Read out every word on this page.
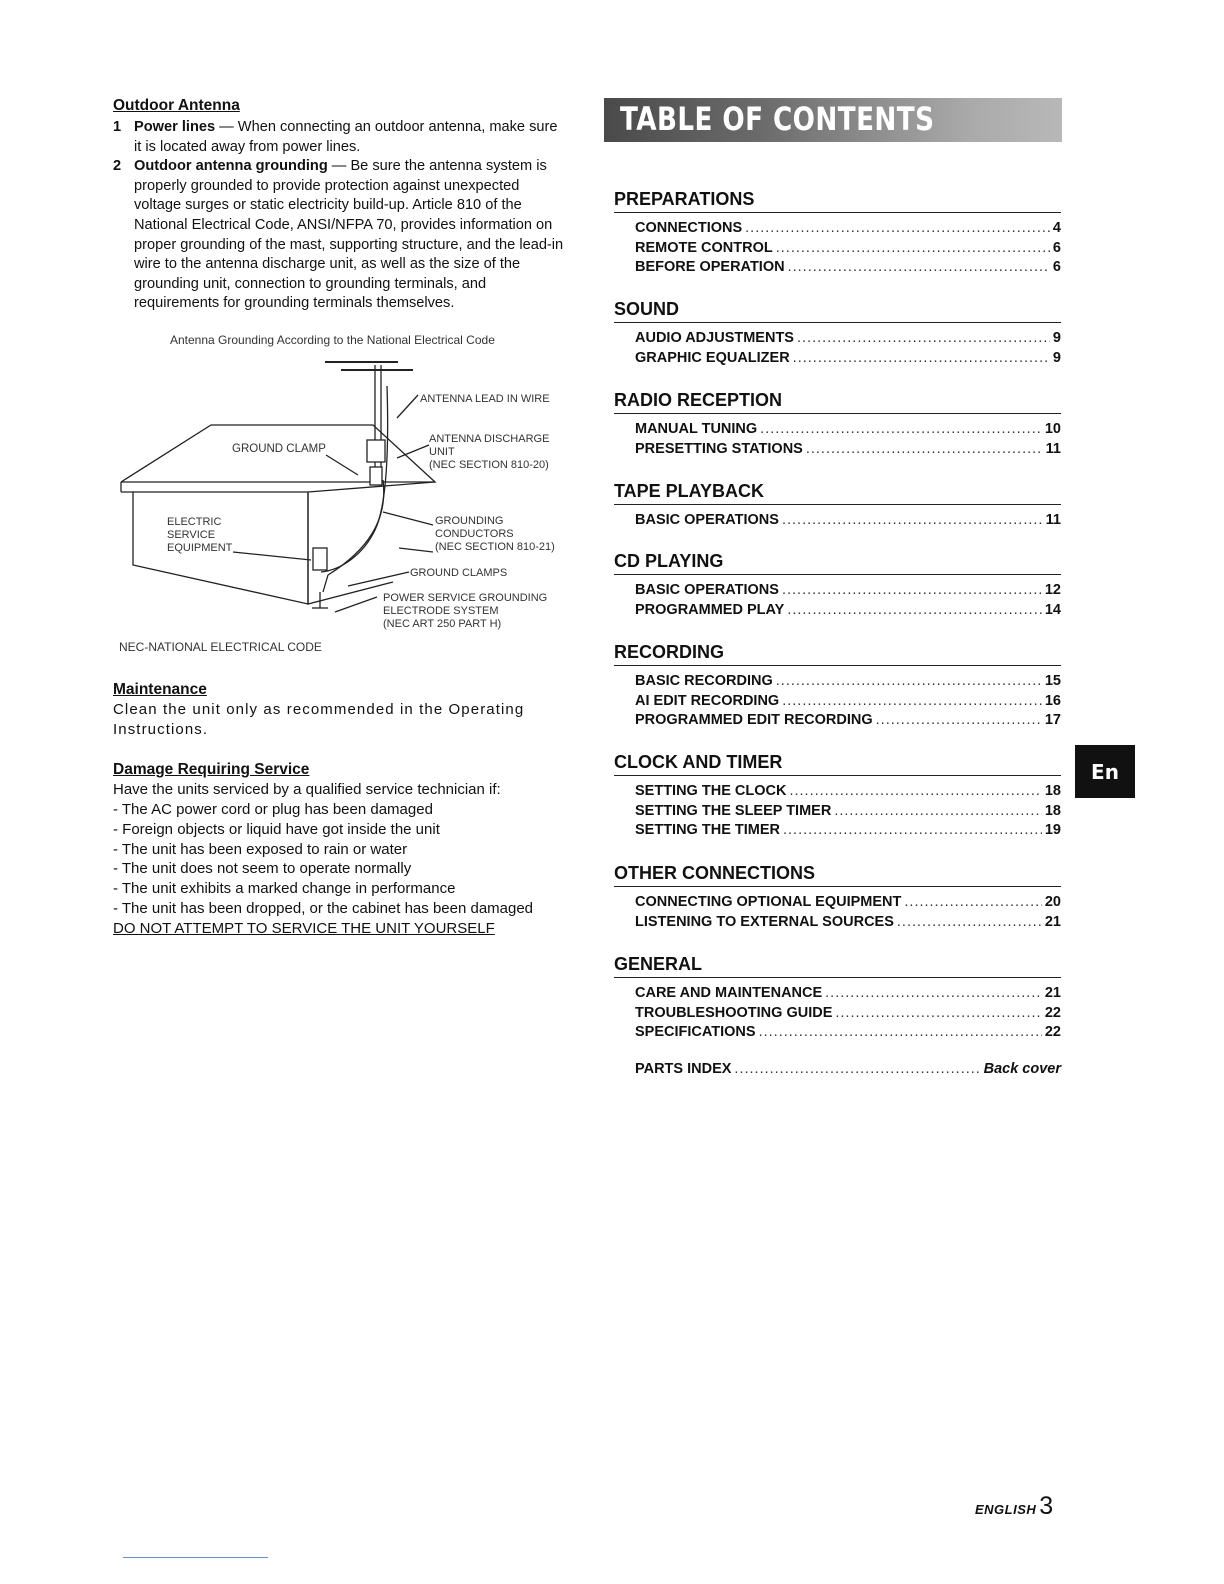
Outdoor Antenna

1 Power lines — When connecting an outdoor antenna, make sure it is located away from power lines.
2 Outdoor antenna grounding — Be sure the antenna system is properly grounded to provide protection against unexpected voltage surges or static electricity build-up. Article 810 of the National Electrical Code, ANSI/NFPA 70, provides information on proper grounding of the mast, supporting structure, and the lead-in wire to the antenna discharge unit, as well as the size of the grounding unit, connection to grounding terminals, and requirements for grounding terminals themselves.
Antenna Grounding According to the National Electrical Code
ANTENNA LEAD IN WIRE
GROUND CLAMP
ANTENNA DISCHARGE
UNIT
(NEC SECTION 810-20)
ELECTRIC
SERVICE
EQUIPMENT
GROUNDING
CONDUCTORS
(NEC SECTION 810-21)
GROUND CLAMPS
POWER SERVICE GROUNDING
ELECTRODE SYSTEM
(NEC ART 250 PART H)
NEC-NATIONAL ELECTRICAL CODE

Maintenance

Clean the unit only as recommended in the Operating Instructions.

Damage Requiring Service

Have the units serviced by a qualified service technician if:

- The AC power cord or plug has been damaged
- Foreign objects or liquid have got inside the unit
- The unit has been exposed to rain or water
- The unit does not seem to operate normally
- The unit exhibits a marked change in performance
- The unit has been dropped, or the cabinet has been damaged

DO NOT ATTEMPT TO SERVICE THE UNIT YOURSELF

TABLE OF CONTENTS

PREPARATIONS

CONNECTIONS .....	4
REMOTE CONTROL .....	6
BEFORE OPERATION .....	6

SOUND

AUDIO ADJUSTMENTS .....	9
GRAPHIC EQUALIZER .....	9

RADIO RECEPTION

MANUAL TUNING .....	10
PRESETTING STATIONS .....	11

TAPE PLAYBACK

BASIC OPERATIONS .....	11

CD PLAYING

BASIC OPERATIONS .....	12
PROGRAMMED PLAY .....	14

RECORDING

BASIC RECORDING .....	15
AI EDIT RECORDING .....	16
PROGRAMMED EDIT RECORDING .....	17

CLOCK AND TIMER

SETTING THE CLOCK .....	18
SETTING THE SLEEP TIMER .....	18
SETTING THE TIMER .....	19

OTHER CONNECTIONS

CONNECTING OPTIONAL EQUIPMENT .....	20
LISTENING TO EXTERNAL SOURCES .....	21

GENERAL

CARE AND MAINTENANCE .....	21
TROUBLESHOOTING GUIDE .....	22
SPECIFICATIONS .....	22
PARTS INDEX .....	Back cover
En
ENGLISH 3
